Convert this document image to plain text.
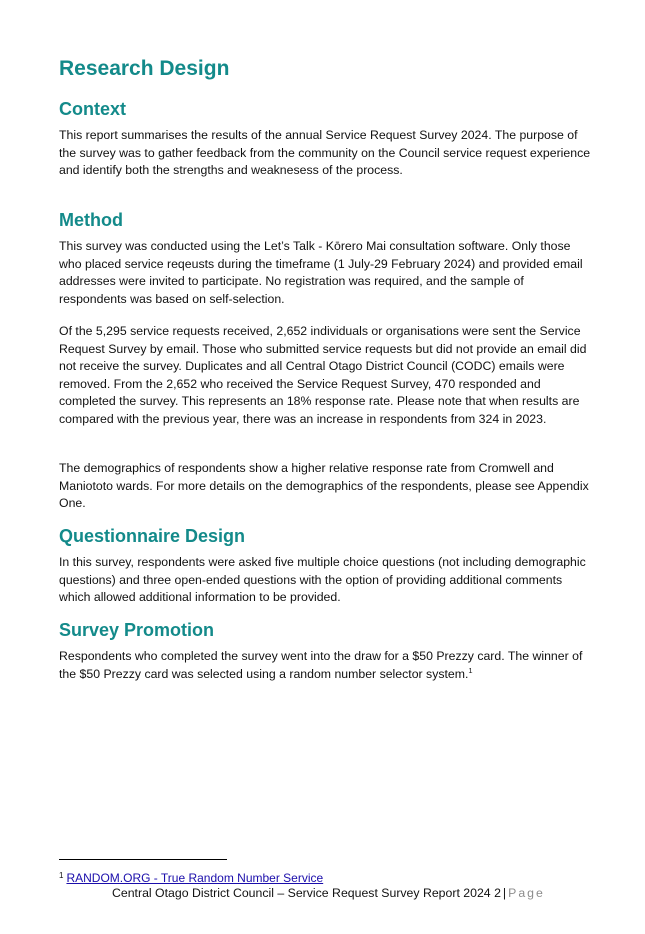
Research Design
Context

This report summarises the results of the annual Service Request Survey 2024. The purpose of the survey was to gather feedback from the community on the Council service request experience and identify both the strengths and weaknesess of the process.

Method

This survey was conducted using the Let’s Talk - Kōrero Mai consultation software. Only those who placed service reqeusts during the timeframe (1 July-29 February 2024) and provided email addresses were invited to participate. No registration was required, and the sample of respondents was based on self-selection.

Of the 5,295 service requests received, 2,652 individuals or organisations were sent the Service Request Survey by email. Those who submitted service requests but did not provide an email did not receive the survey. Duplicates and all Central Otago District Council (CODC) emails were removed. From the 2,652 who received the Service Request Survey, 470 responded and completed the survey. This represents an 18% response rate. Please note that when results are compared with the previous year, there was an increase in respondents from 324 in 2023.

The demographics of respondents show a higher relative response rate from Cromwell and Maniototo wards. For more details on the demographics of the respondents, please see Appendix One.

Questionnaire Design

In this survey, respondents were asked five multiple choice questions (not including demographic questions) and three open-ended questions with the option of providing additional comments which allowed additional information to be provided.

Survey Promotion

Respondents who completed the survey went into the draw for a $50 Prezzy card. The winner of the $50 Prezzy card was selected using a random number selector system.$^1$

$^1$ RANDOM.ORG - True Random Number Service
Central Otago District Council – Service Request Survey Report 2024 2 | Page
